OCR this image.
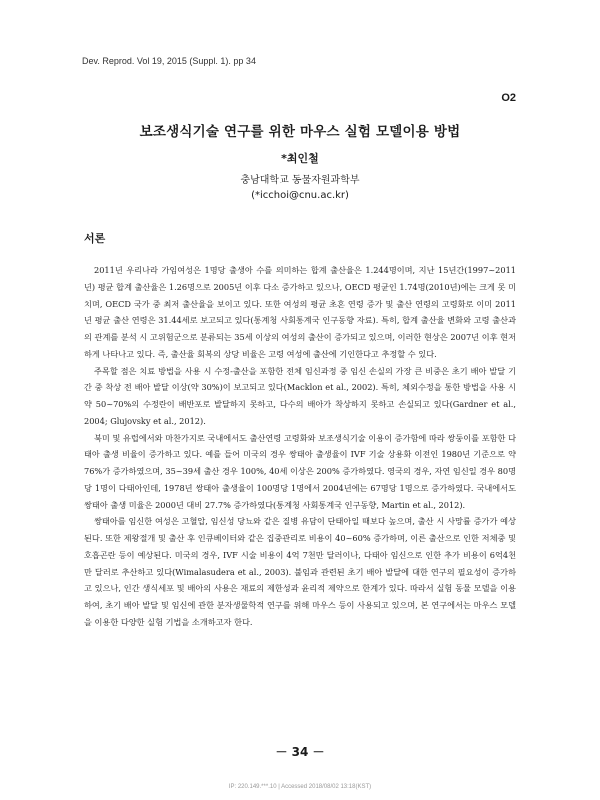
Dev. Reprod. Vol 19, 2015 (Suppl. 1). pp 34
O2
보조생식기술 연구를 위한 마우스 실험 모델이용 방법
*최인철
충남대학교 동물자원과학부
(*icchoi@cnu.ac.kr)
서론

2011년 우리나라 가임여성은 1명당 출생아 수를 의미하는 합계 출산율은 1.244명이며, 지난 15년간(1997~2011년) 평균 합계 출산율은 1.26명으로 2005년 이후 다소 증가하고 있으나, OECD 평균인 1.74명(2010년)에는 크게 못 미치며, OECD 국가 중 최저 출산율을 보이고 있다. 또한 여성의 평균 초혼 연령 증가 및 출산 연령의 고령화로 이미 2011년 평균 출산 연령은 31.44세로 보고되고 있다(통계청 사회통계국 인구동향 자료). 특히, 합계 출산율 변화와 고령 출산과의 관계를 분석 시 고위험군으로 분류되는 35세 이상의 여성의 출산이 증가되고 있으며, 이러한 현상은 2007년 이후 현저하게 나타나고 있다. 즉, 출산율 회복의 상당 비율은 고령 여성에 출산에 기인한다고 추정할 수 있다.

주목할 점은 치료 방법을 사용 시 수정-출산을 포함한 전체 임신과정 중 임신 손실의 가장 큰 비중은 초기 배아 발달 기간 중 착상 전 배아 발달 이상(약 30%)이 보고되고 있다(Macklon et al., 2002). 특히, 체외수정을 통한 방법을 사용 시 약 50~70%의 수정란이 배반포로 발달하지 못하고, 다수의 배아가 착상하지 못하고 손실되고 있다(Gardner et al., 2004; Glujovsky et al., 2012).

북미 및 유럽에서와 마찬가지로 국내에서도 출산연령 고령화와 보조생식기술 이용이 증가함에 따라 쌍둥이를 포함한 다태아 출생 비율이 증가하고 있다. 예를 들어 미국의 경우 쌍태아 출생율이 IVF 기술 상용화 이전인 1980년 기준으로 약 76%가 증가하였으며, 35~39세 출산 경우 100%, 40세 이상은 200% 증가하였다. 영국의 경우, 자연 임신일 경우 80명당 1명이 다태아인데, 1978년 쌍태아 출생율이 100명당 1명에서 2004년에는 67명당 1명으로 증가하였다. 국내에서도 쌍태아 출생 미율은 2000년 대비 27.7% 증가하였다(통계청 사회통계국 인구동향, Martin et al., 2012).

쌍태아를 임신한 여성은 고혈압, 임신성 당뇨와 같은 질병 유담이 단태아일 때보다 높으며, 출산 시 사망률 증가가 예상된다. 또한 제왕절개 및 출산 후 인큐베이터와 같은 집중관리로 비용이 40~60% 증가하며, 이른 출산으로 인한 저체중 및 호흡곤란 등이 예상된다. 미국의 경우, IVF 시술 비용이 4억 7천만 달러이나, 다태아 임신으로 인한 추가 비용이 6억4천만 달러로 추산하고 있다(Wimalasudera et al., 2003). 불임과 관련된 초기 배아 발달에 대한 연구의 필요성이 증가하고 있으나, 인간 생식세포 및 배아의 사용은 재료의 제한성과 윤리적 제약으로 한계가 있다. 따라서 실험 동물 모델을 이용하여, 초기 배아 발달 및 임신에 관한 분자생물학적 연구를 위해 마우스 등이 사용되고 있으며, 본 연구에서는 마우스 모델을 이용한 다양한 실험 기법을 소개하고자 한다.

－ 34 －
IP: 220.149.***.10 | Accessed 2018/08/02 13:18(KST)
